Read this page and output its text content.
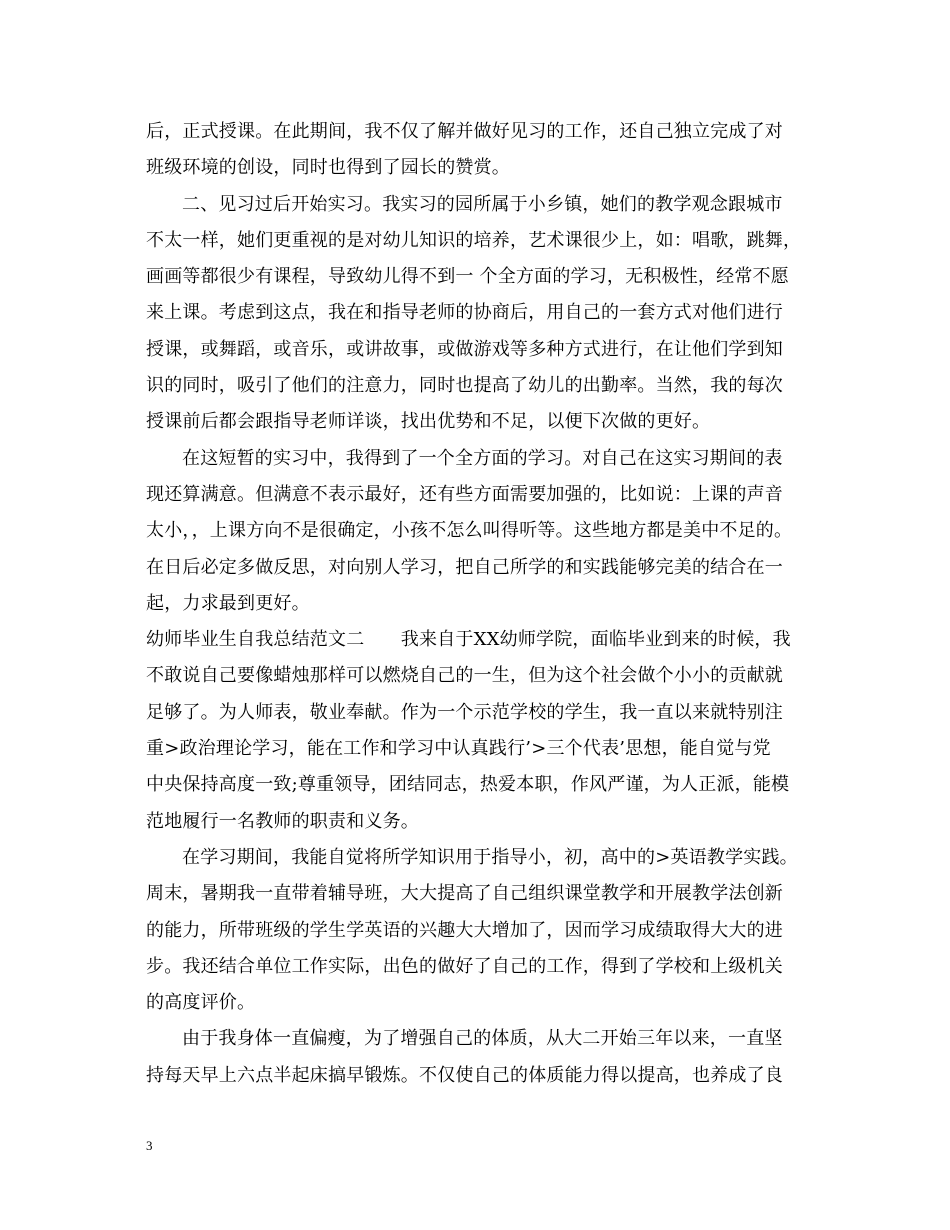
后，正式授课。在此期间，我不仅了解并做好见习的工作，还自己独立完成了对
班级环境的创设，同时也得到了园长的赞赏。
二、见习过后开始实习。我实习的园所属于小乡镇，她们的教学观念跟城市
不太一样，她们更重视的是对幼儿知识的培养，艺术课很少上，如：唱歌，跳舞，
画画等都很少有课程，导致幼儿得不到一 个全方面的学习，无积极性，经常不愿
来上课。考虑到这点，我在和指导老师的协商后，用自己的一套方式对他们进行
授课，或舞蹈，或音乐，或讲故事，或做游戏等多种方式进行，在让他们学到知
识的同时，吸引了他们的注意力，同时也提高了幼儿的出勤率。当然，我的每次
授课前后都会跟指导老师详谈，找出优势和不足，以便下次做的更好。
在这短暂的实习中，我得到了一个全方面的学习。对自己在这实习期间的表
现还算满意。但满意不表示最好，还有些方面需要加强的，比如说：上课的声音
太小，，上课方向不是很确定，小孩不怎么叫得听等。这些地方都是美中不足的。
在日后必定多做反思，对向别人学习，把自己所学的和实践能够完美的结合在一
起，力求最到更好。
幼师毕业生自我总结范文二　　我来自于XX幼师学院，面临毕业到来的时候，我
不敢说自己要像蜡烛那样可以燃烧自己的一生，但为这个社会做个小小的贡献就
足够了。为人师表，敬业奉献。作为一个示范学校的学生，我一直以来就特别注
重>政治理论学习，能在工作和学习中认真践行’>三个代表’思想，能自觉与党
中央保持高度一致;尊重领导，团结同志，热爱本职，作风严谨，为人正派，能模
范地履行一名教师的职责和义务。
在学习期间，我能自觉将所学知识用于指导小，初，高中的>英语教学实践。
周末，暑期我一直带着辅导班，大大提高了自己组织课堂教学和开展教学法创新
的能力，所带班级的学生学英语的兴趣大大增加了，因而学习成绩取得大大的进
步。我还结合单位工作实际，出色的做好了自己的工作，得到了学校和上级机关
的高度评价。
由于我身体一直偏瘦，为了增强自己的体质，从大二开始三年以来，一直坚
持每天早上六点半起床搞早锻炼。不仅使自己的体质能力得以提高，也养成了良
3
